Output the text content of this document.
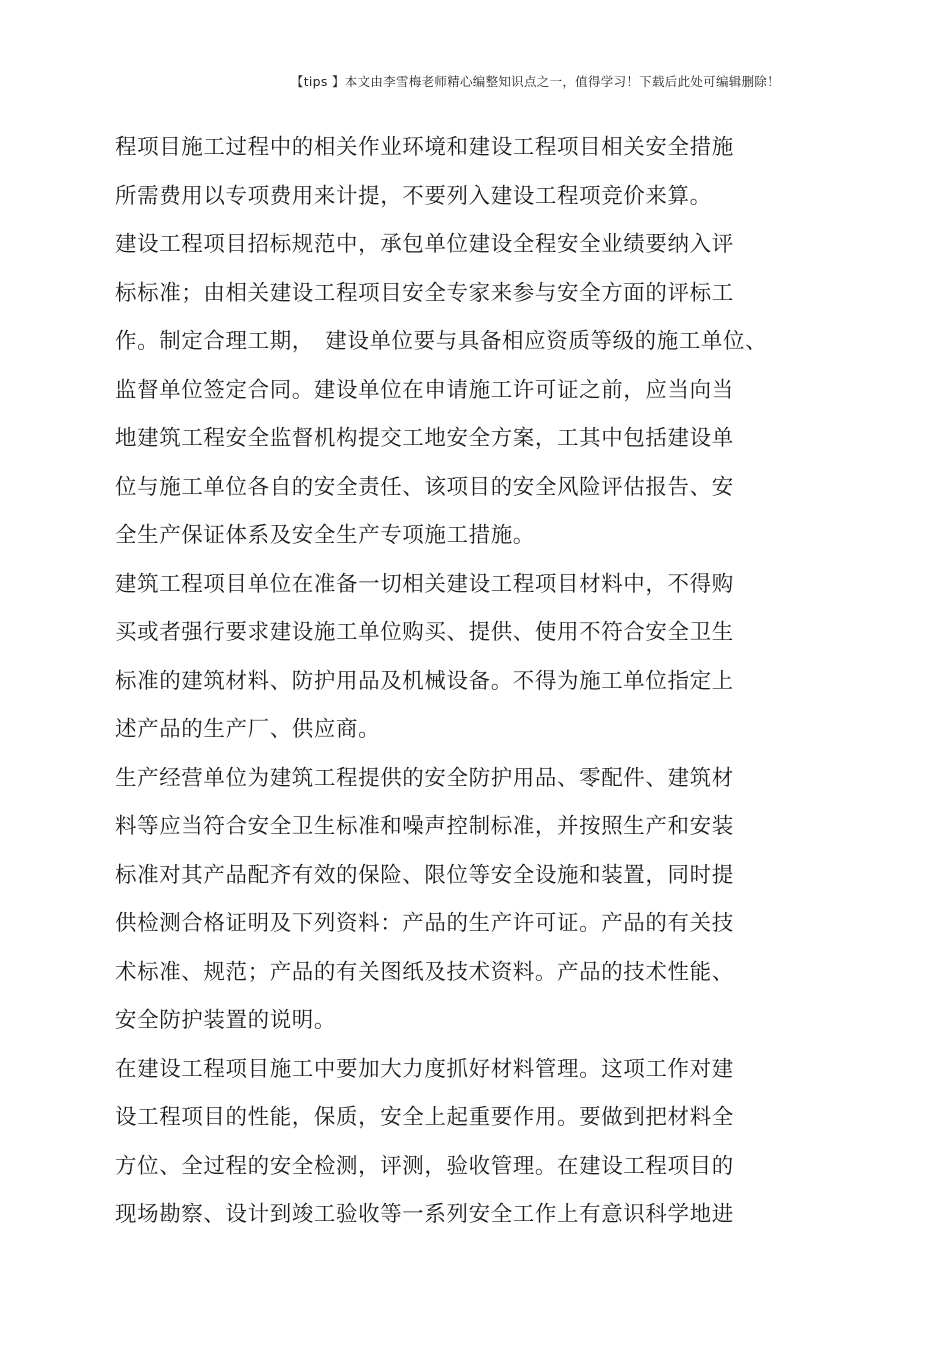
【tips 】本文由李雪梅老师精心编整知识点之一，值得学习！下载后此处可编辑删除！
程项目施工过程中的相关作业环境和建设工程项目相关安全措施
所需费用以专项费用来计提，不要列入建设工程项竞价来算。
建设工程项目招标规范中，承包单位建设全程安全业绩要纳入评
标标准；由相关建设工程项目安全专家来参与安全方面的评标工
作。制定合理工期，　建设单位要与具备相应资质等级的施工单位、
监督单位签定合同。建设单位在申请施工许可证之前，应当向当
地建筑工程安全监督机构提交工地安全方案，工其中包括建设单
位与施工单位各自的安全责任、该项目的安全风险评估报告、安
全生产保证体系及安全生产专项施工措施。
建筑工程项目单位在准备一切相关建设工程项目材料中，不得购
买或者强行要求建设施工单位购买、提供、使用不符合安全卫生
标准的建筑材料、防护用品及机械设备。不得为施工单位指定上
述产品的生产厂、供应商。
生产经营单位为建筑工程提供的安全防护用品、零配件、建筑材
料等应当符合安全卫生标准和噪声控制标准，并按照生产和安装
标准对其产品配齐有效的保险、限位等安全设施和装置，同时提
供检测合格证明及下列资料：产品的生产许可证。产品的有关技
术标准、规范；产品的有关图纸及技术资料。产品的技术性能、
安全防护装置的说明。
在建设工程项目施工中要加大力度抓好材料管理。这项工作对建
设工程项目的性能，保质，安全上起重要作用。要做到把材料全
方位、全过程的安全检测，评测，验收管理。在建设工程项目的
现场勘察、设计到竣工验收等一系列安全工作上有意识科学地进
